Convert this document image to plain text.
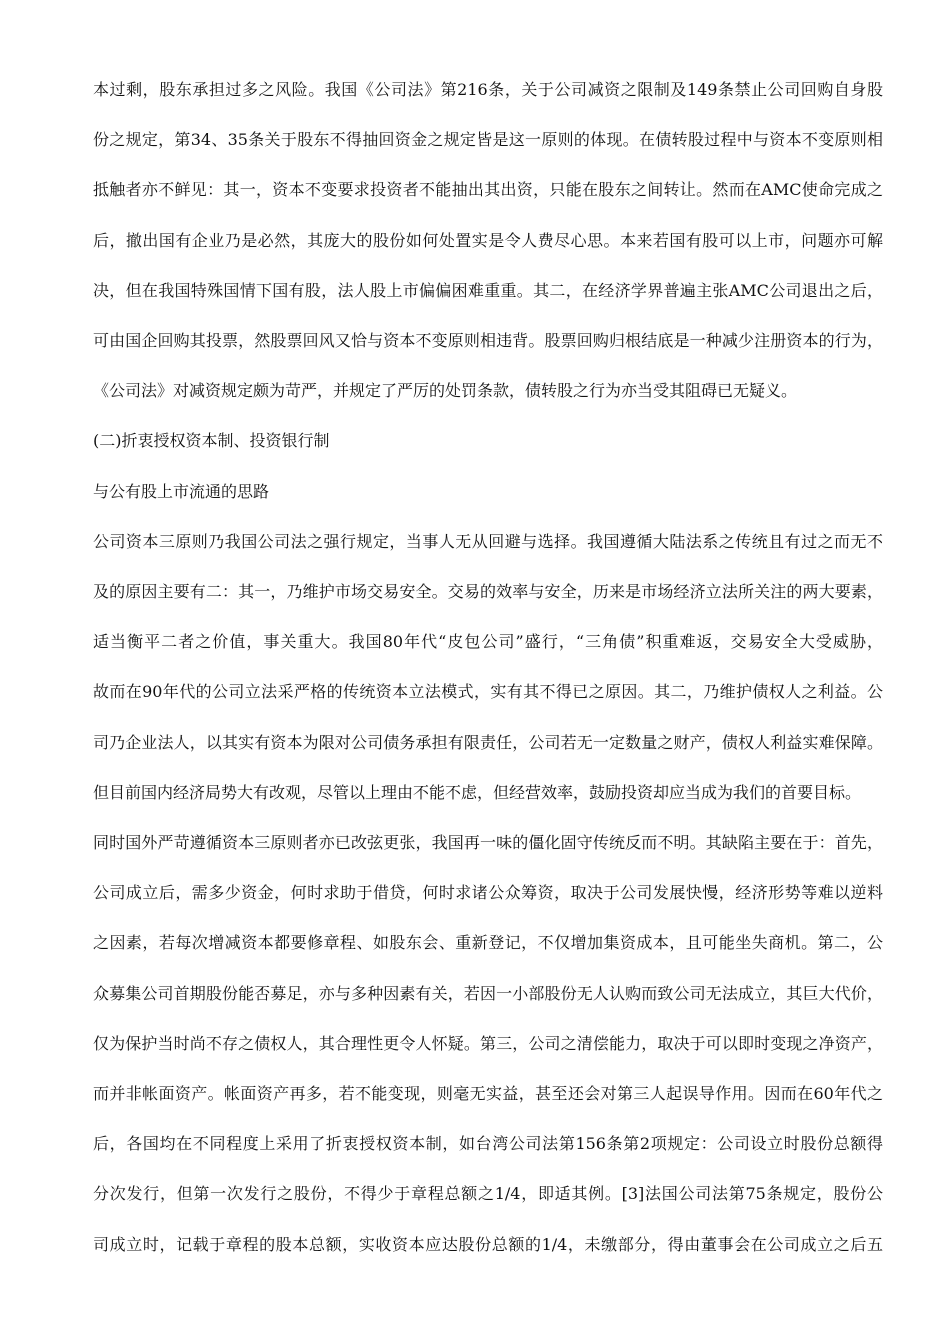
本过剩，股东承担过多之风险。我国《公司法》第216条，关于公司减资之限制及149条禁止公司回购自身股
份之规定，第34、35条关于股东不得抽回资金之规定皆是这一原则的体现。在债转股过程中与资本不变原则相
抵触者亦不鲜见：其一，资本不变要求投资者不能抽出其出资，只能在股东之间转让。然而在AMC使命完成之
后，撤出国有企业乃是必然，其庞大的股份如何处置实是令人费尽心思。本来若国有股可以上市，问题亦可解
决，但在我国特殊国情下国有股，法人股上市偏偏困难重重。其二，在经济学界普遍主张AMC公司退出之后，
可由国企回购其投票，然股票回风又恰与资本不变原则相违背。股票回购归根结底是一种减少注册资本的行为，
《公司法》对减资规定颇为苛严，并规定了严厉的处罚条款，债转股之行为亦当受其阻碍已无疑义。
(二)折衷授权资本制、投资银行制
与公有股上市流通的思路
公司资本三原则乃我国公司法之强行规定，当事人无从回避与选择。我国遵循大陆法系之传统且有过之而无不
及的原因主要有二：其一，乃维护市场交易安全。交易的效率与安全，历来是市场经济立法所关注的两大要素，
适当衡平二者之价值，事关重大。我国80年代“皮包公司”盛行，“三角债”积重难返，交易安全大受威胁，
故而在90年代的公司立法采严格的传统资本立法模式，实有其不得已之原因。其二，乃维护债权人之利益。公
司乃企业法人，以其实有资本为限对公司债务承担有限责任，公司若无一定数量之财产，债权人利益实难保障。
但目前国内经济局势大有改观，尽管以上理由不能不虑，但经营效率，鼓励投资却应当成为我们的首要目标。
同时国外严苛遵循资本三原则者亦已改弦更张，我国再一味的僵化固守传统反而不明。其缺陷主要在于：首先，
公司成立后，需多少资金，何时求助于借贷，何时求诸公众筹资，取决于公司发展快慢，经济形势等难以逆料
之因素，若每次增减资本都要修章程、如股东会、重新登记，不仅增加集资成本，且可能坐失商机。第二，公
众募集公司首期股份能否募足，亦与多种因素有关，若因一小部股份无人认购而致公司无法成立，其巨大代价，
仅为保护当时尚不存之债权人，其合理性更令人怀疑。第三，公司之清偿能力，取决于可以即时变现之净资产，
而并非帐面资产。帐面资产再多，若不能变现，则毫无实益，甚至还会对第三人起误导作用。因而在60年代之
后，各国均在不同程度上采用了折衷授权资本制，如台湾公司法第156条第2项规定：公司设立时股份总额得
分次发行，但第一次发行之股份，不得少于章程总额之1/4，即适其例。[3]法国公司法第75条规定，股份公
司成立时，记载于章程的股本总额，实收资本应达股份总额的1/4，未缴部分，得由董事会在公司成立之后五
